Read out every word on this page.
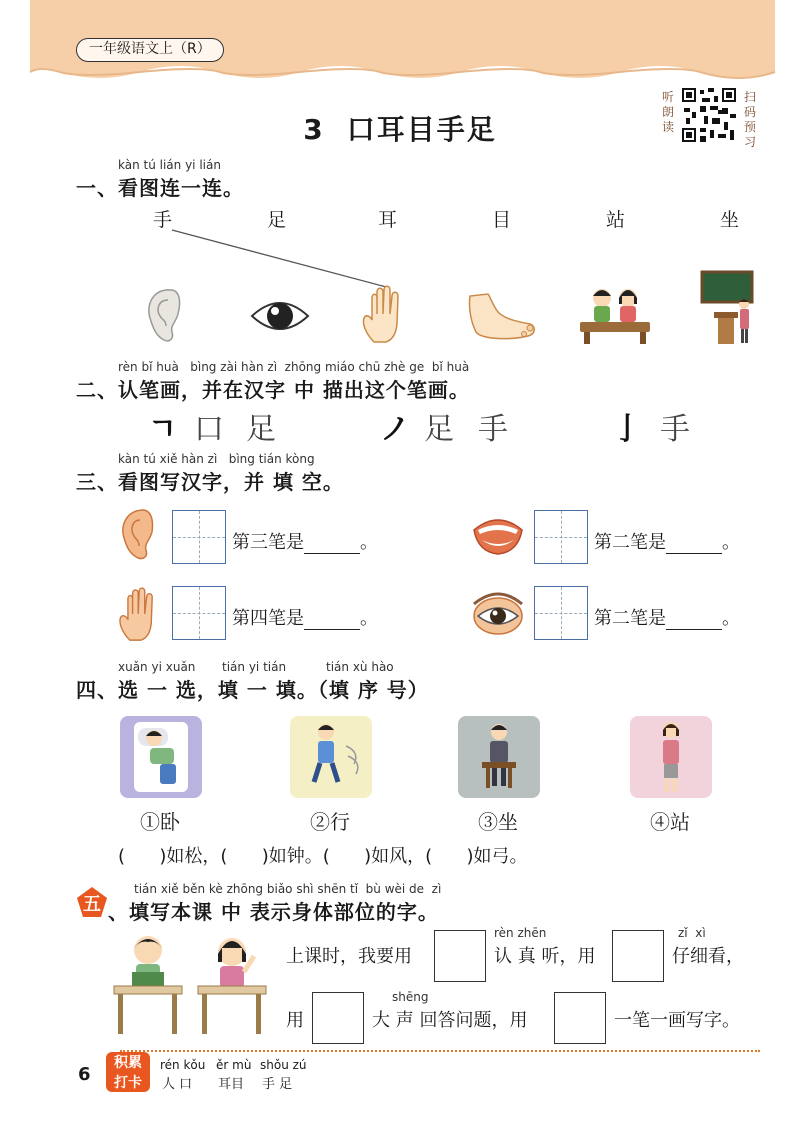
一年级语文上（R）
3 口耳目手足
听
朗
读
扫
码
预
习
kàn tú lián yi lián
一、看图连一连。
手	足	耳	目	站	坐
rèn bǐ huà   bìng zài hàn zì  zhōng miáo chū zhè ge  bǐ huà
二、认笔画，并在汉字 中 描出这个笔画。
ㄱ 口 足	ノ 足 手	亅 手
kàn tú xiě hàn zì   bìng tián kòng
三、看图写汉字，并 填 空。
第三笔是	。	第二笔是	。
第四笔是	。	第二笔是	。
xuǎn yi xuǎn tián yi tián	tián xù hào
四、选 一 选，填 一 填。（填 序 号）
①卧	②行	③坐	④站
(      )如松，(      )如钟。(      )如风，(      )如弓。
tián xiě běn kè zhōng biǎo shì shēn tǐ  bù wèi de  zì
五 、填写本课 中 表示身体部位的字。
上课时，我要用
rèn zhēn
认 真 听，用
zǐ  xì
仔细看，
用
shēng
大 声 回答问题，用	一笔一画写字。
6
积累
打卡
rén kǒu ěr mù shǒu zú
人 口 耳目 手 足
